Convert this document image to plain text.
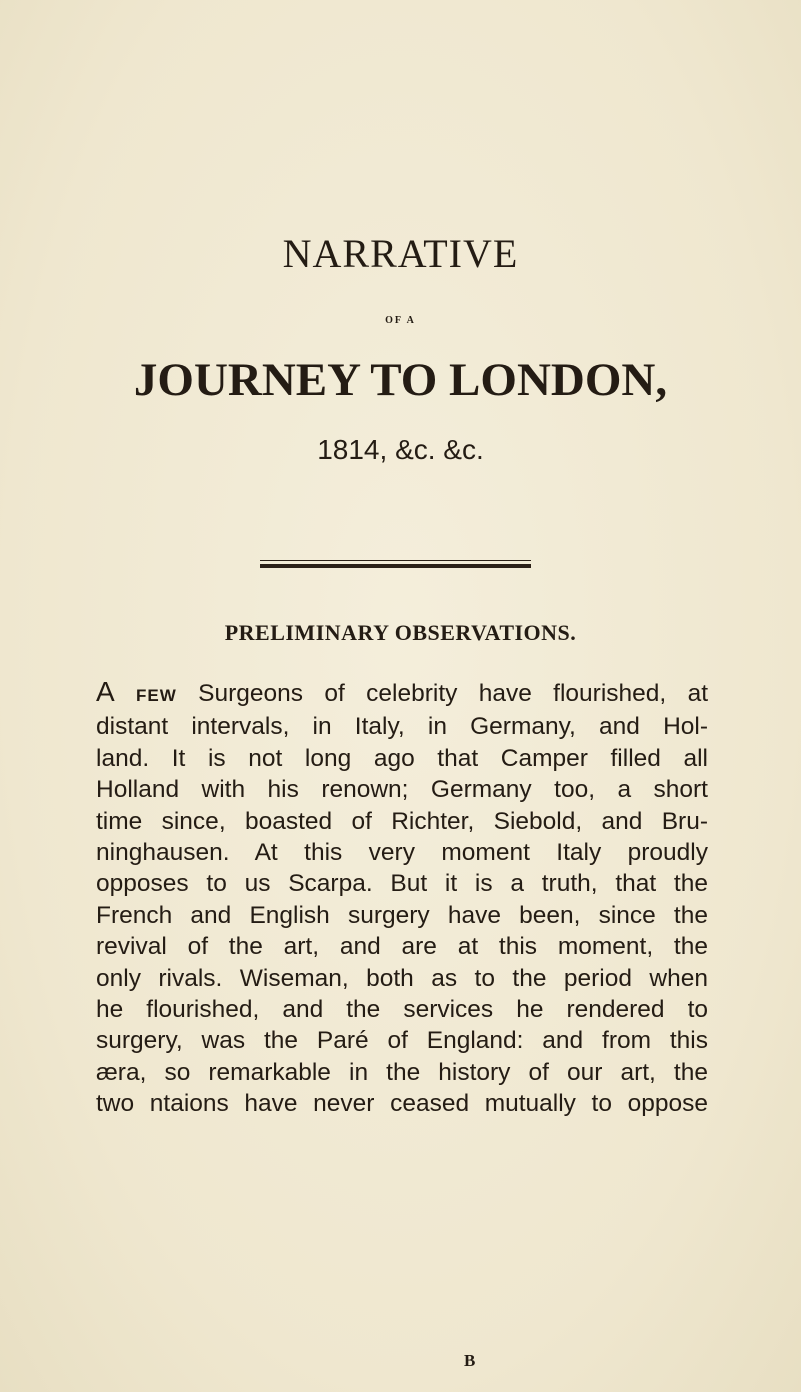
NARRATIVE
OF A
JOURNEY TO LONDON,
1814, &c. &c.
PRELIMINARY OBSERVATIONS.
A FEW Surgeons of celebrity have flourished, at
distant intervals, in Italy, in Germany, and Hol-
land. It is not long ago that Camper filled all
Holland with his renown; Germany too, a short
time since, boasted of Richter, Siebold, and Bru-
ninghausen. At this very moment Italy proudly
opposes to us Scarpa. But it is a truth, that the
French and English surgery have been, since the
revival of the art, and are at this moment, the
only rivals. Wiseman, both as to the period when
he flourished, and the services he rendered to
surgery, was the Paré of England: and from this
æra, so remarkable in the history of our art, the
two ntaions have never ceased mutually to oppose
B
